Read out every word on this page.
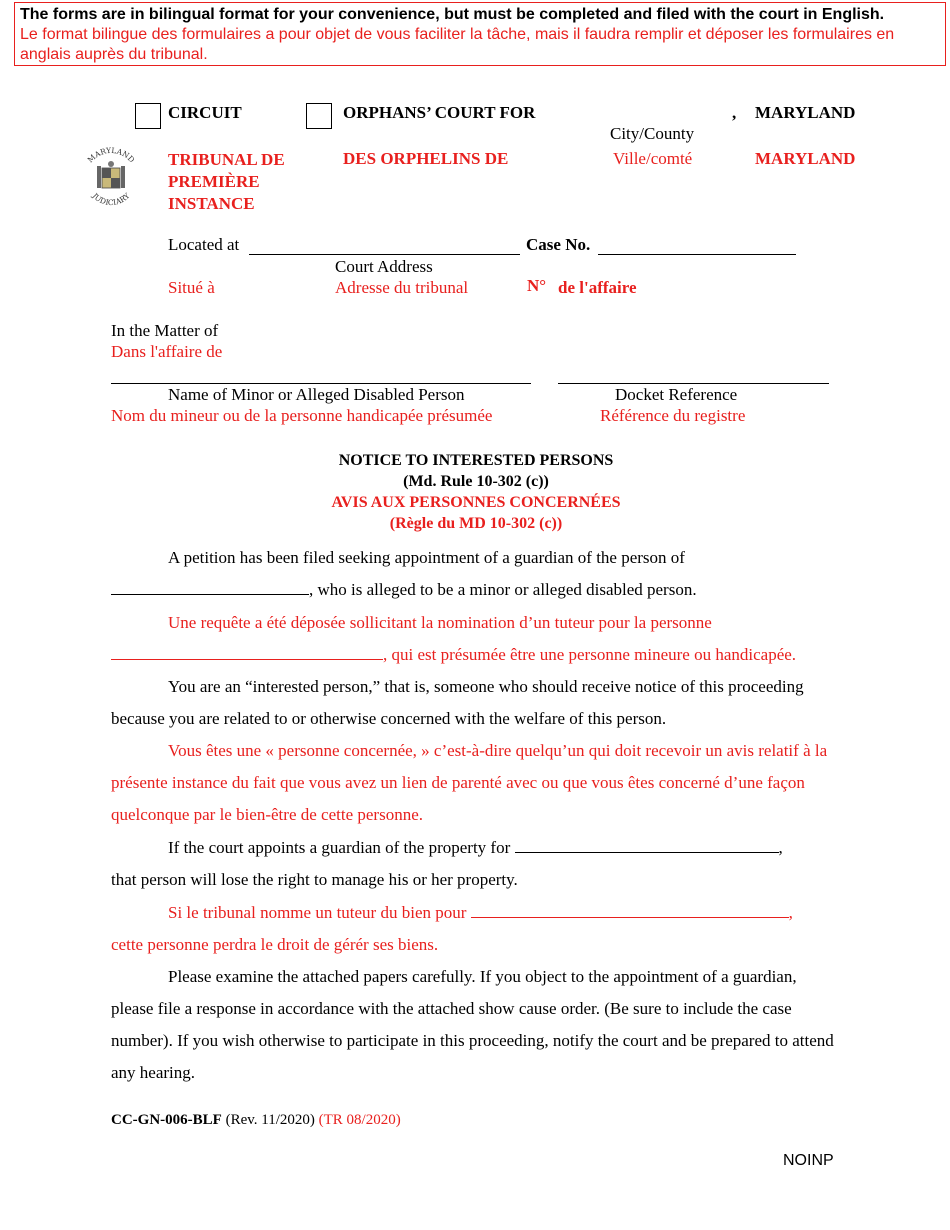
The forms are in bilingual format for your convenience, but must be completed and filed with the court in English.
Le format bilingue des formulaires a pour objet de vous faciliter la tâche, mais il faudra remplir et déposer les formulaires en anglais auprès du tribunal.
CIRCUIT	ORPHANS’ COURT FOR	, MARYLAND
City/County
MARYLAND
JUDICIARY
TRIBUNAL DE
PREMIÈRE
INSTANCE
DES ORPHELINS DE	Ville/comté	MARYLAND
Located at	Case No.
Court Address
Situé à	Adresse du tribunal	N° de l'affaire
In the Matter of
Dans l'affaire de
Name of Minor or Alleged Disabled Person	Docket Reference
Nom du mineur ou de la personne handicapée présumée	Référence du registre
NOTICE TO INTERESTED PERSONS
(Md. Rule 10-302 (c))
AVIS AUX PERSONNES CONCERNÉES
(Règle du MD 10-302 (c))
A petition has been filed seeking appointment of a guardian of the person of
, who is alleged to be a minor or alleged disabled person.
Une requête a été déposée sollicitant la nomination d’un tuteur pour la personne
, qui est présumée être une personne mineure ou handicapée.
You are an “interested person,” that is, someone who should receive notice of this proceeding because you are related to or otherwise concerned with the welfare of this person.
Vous êtes une « personne concernée, » c’est-à-dire quelqu’un qui doit recevoir un avis relatif à la présente instance du fait que vous avez un lien de parenté avec ou que vous êtes concerné d’une façon quelconque par le bien-être de cette personne.
If the court appoints a guardian of the property for	,
that person will lose the right to manage his or her property.
Si le tribunal nomme un tuteur du bien pour	,
cette personne perdra le droit de gérér ses biens.
Please examine the attached papers carefully. If you object to the appointment of a guardian, please file a response in accordance with the attached show cause order. (Be sure to include the case number). If you wish otherwise to participate in this proceeding, notify the court and be prepared to attend any hearing.
CC-GN-006-BLF (Rev. 11/2020) (TR 08/2020)
NOINP
